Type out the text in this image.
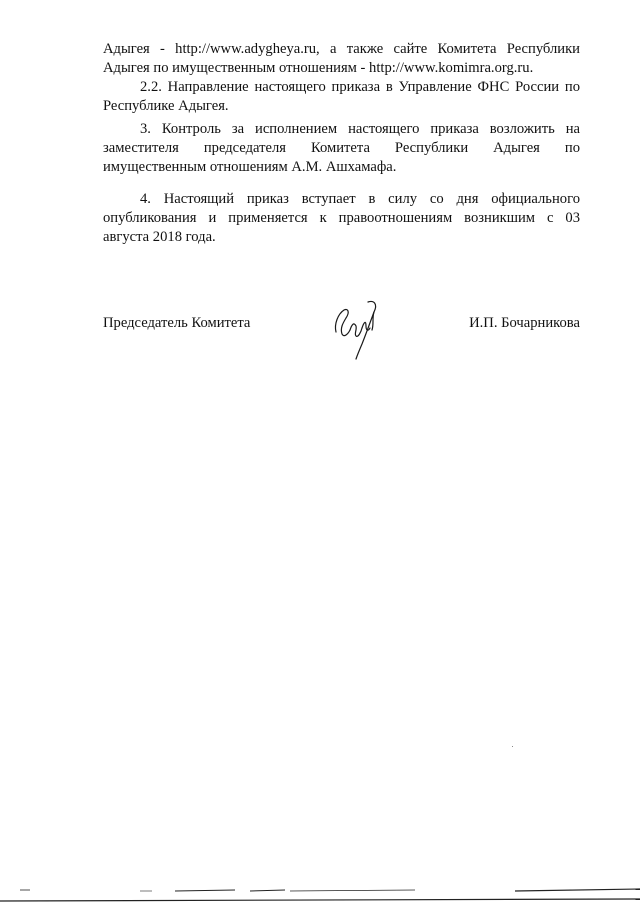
Адыгея - http://www.adygheya.ru, а также сайте Комитета Республики
Адыгея по имущественным отношениям - http://www.komimra.org.ru.
2.2. Направление настоящего приказа в Управление ФНС России по
Республике Адыгея.
3. Контроль за исполнением настоящего приказа возложить на
заместителя председателя Комитета Республики Адыгея по
имущественным отношениям А.М. Ашхамафа.
4. Настоящий приказ вступает в силу со дня официального
опубликования и применяется к правоотношениям возникшим с 03
августа 2018 года.
Председатель Комитета	И.П. Бочарникова
